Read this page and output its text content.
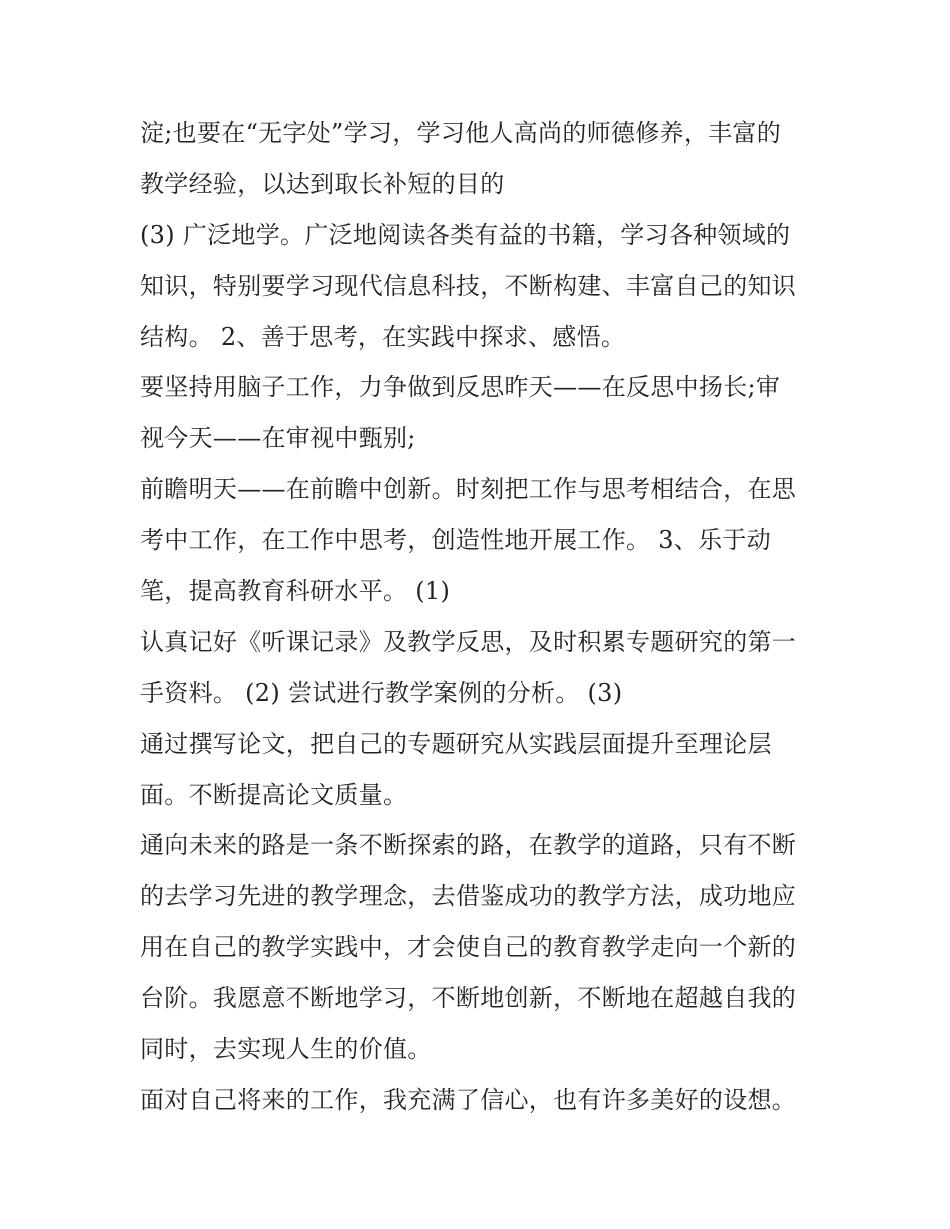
淀;也要在“无字处”学习，学习他人高尚的师德修养，丰富的
教学经验，以达到取长补短的目的
(3) 广泛地学。广泛地阅读各类有益的书籍，学习各种领域的
知识，特别要学习现代信息科技，不断构建、丰富自己的知识
结构。 2、善于思考，在实践中探求、感悟。
要坚持用脑子工作，力争做到反思昨天——在反思中扬长;审
视今天——在审视中甄别;
前瞻明天——在前瞻中创新。时刻把工作与思考相结合，在思
考中工作，在工作中思考，创造性地开展工作。 3、乐于动
笔，提高教育科研水平。 (1)
认真记好《听课记录》及教学反思，及时积累专题研究的第一
手资料。 (2) 尝试进行教学案例的分析。 (3)
通过撰写论文，把自己的专题研究从实践层面提升至理论层
面。不断提高论文质量。
通向未来的路是一条不断探索的路，在教学的道路，只有不断
的去学习先进的教学理念，去借鉴成功的教学方法，成功地应
用在自己的教学实践中，才会使自己的教育教学走向一个新的
台阶。我愿意不断地学习，不断地创新，不断地在超越自我的
同时，去实现人生的价值。
面对自己将来的工作，我充满了信心，也有许多美好的设想。
